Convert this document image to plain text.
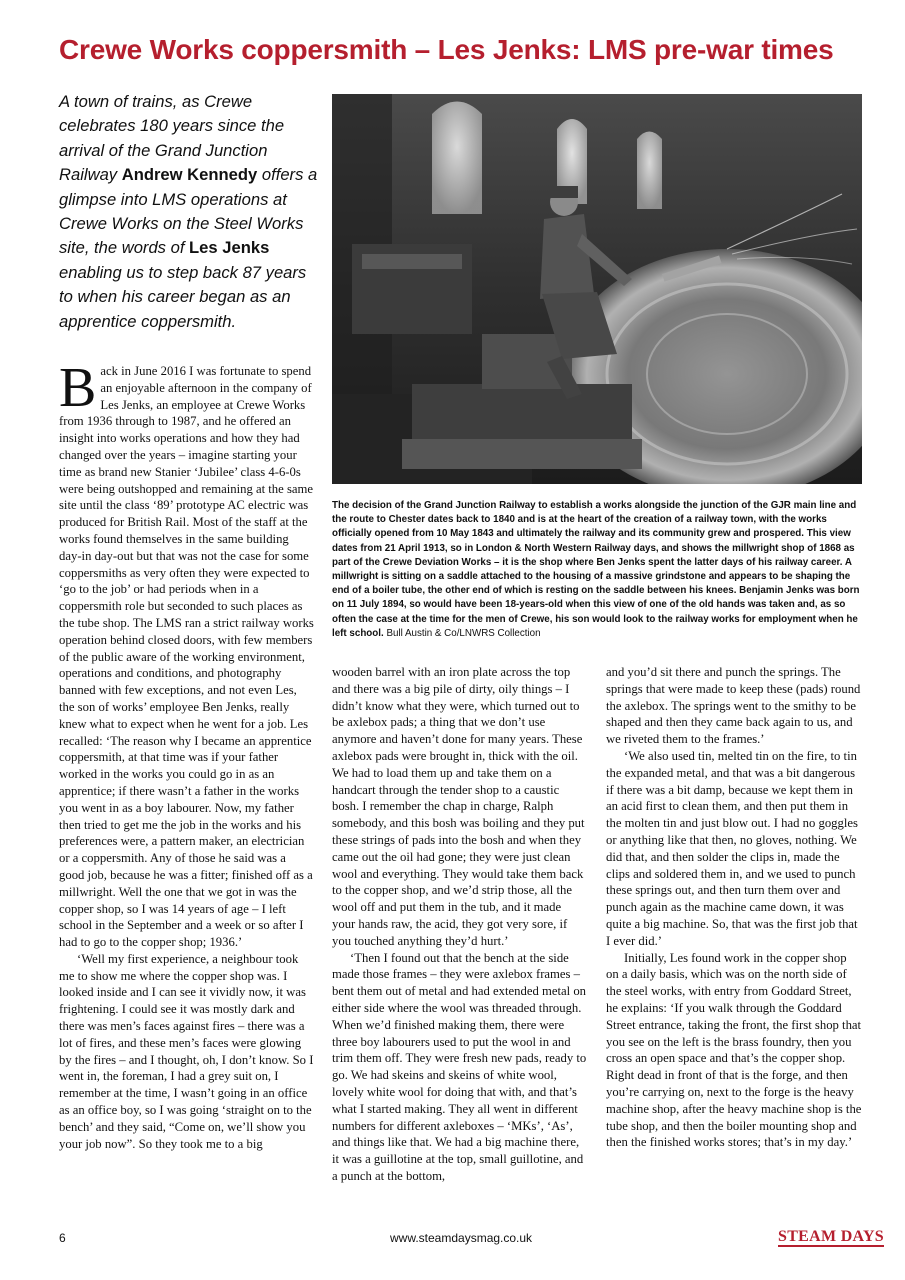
Crewe Works coppersmith – Les Jenks: LMS pre-war times

A town of trains, as Crewe celebrates 180 years since the arrival of the Grand Junction Railway Andrew Kennedy offers a glimpse into LMS operations at Crewe Works on the Steel Works site, the words of Les Jenks enabling us to step back 87 years to when his career began as an apprentice coppersmith.

The decision of the Grand Junction Railway to establish a works alongside the junction of the GJR main line and the route to Chester dates back to 1840 and is at the heart of the creation of a railway town, with the works officially opened from 10 May 1843 and ultimately the railway and its community grew and prospered. This view dates from 21 April 1913, so in London & North Western Railway days, and shows the millwright shop of 1868 as part of the Crewe Deviation Works – it is the shop where Ben Jenks spent the latter days of his railway career. A millwright is sitting on a saddle attached to the housing of a massive grindstone and appears to be shaping the end of a boiler tube, the other end of which is resting on the saddle between his knees. Benjamin Jenks was born on 11 July 1894, so would have been 18-years-old when this view of one of the old hands was taken and, as so often the case at the time for the men of Crewe, his son would look to the railway works for employment when he left school. Bull Austin & Co/LNWRS Collection

Back in June 2016 I was fortunate to spend an enjoyable afternoon in the company of Les Jenks, an employee at Crewe Works from 1936 through to 1987, and he offered an insight into works operations and how they had changed over the years – imagine starting your time as brand new Stanier ‘Jubilee’ class 4-6-0s were being outshopped and remaining at the same site until the class ‘89’ prototype AC electric was produced for British Rail. Most of the staff at the works found themselves in the same building day-in day-out but that was not the case for some coppersmiths as very often they were expected to ‘go to the job’ or had periods when in a coppersmith role but seconded to such places as the tube shop. The LMS ran a strict railway works operation behind closed doors, with few members of the public aware of the working environment, operations and conditions, and photography banned with few exceptions, and not even Les, the son of works’ employee Ben Jenks, really knew what to expect when he went for a job. Les recalled: ‘The reason why I became an apprentice coppersmith, at that time was if your father worked in the works you could go in as an apprentice; if there wasn’t a father in the works you went in as a boy labourer. Now, my father then tried to get me the job in the works and his preferences were, a pattern maker, an electrician or a coppersmith. Any of those he said was a good job, because he was a fitter; finished off as a millwright. Well the one that we got in was the copper shop, so I was 14 years of age – I left school in the September and a week or so after I had to go to the copper shop; 1936.’

‘Well my first experience, a neighbour took me to show me where the copper shop was. I looked inside and I can see it vividly now, it was frightening. I could see it was mostly dark and there was men’s faces against fires – there was a lot of fires, and these men’s faces were glowing by the fires – and I thought, oh, I don’t know. So I went in, the foreman, I had a grey suit on, I remember at the time, I wasn’t going in an office as an office boy, so I was going ‘straight on to the bench’ and they said, “Come on, we’ll show you your job now”. So they took me to a big

wooden barrel with an iron plate across the top and there was a big pile of dirty, oily things – I didn’t know what they were, which turned out to be axlebox pads; a thing that we don’t use anymore and haven’t done for many years. These axlebox pads were brought in, thick with the oil. We had to load them up and take them on a handcart through the tender shop to a caustic bosh. I remember the chap in charge, Ralph somebody, and this bosh was boiling and they put these strings of pads into the bosh and when they came out the oil had gone; they were just clean wool and everything. They would take them back to the copper shop, and we’d strip those, all the wool off and put them in the tub, and it made your hands raw, the acid, they got very sore, if you touched anything they’d hurt.’

‘Then I found out that the bench at the side made those frames – they were axlebox frames – bent them out of metal and had extended metal on either side where the wool was threaded through. When we’d finished making them, there were three boy labourers used to put the wool in and trim them off. They were fresh new pads, ready to go. We had skeins and skeins of white wool, lovely white wool for doing that with, and that’s what I started making. They all went in different numbers for different axleboxes – ‘MKs’, ‘As’, and things like that. We had a big machine there, it was a guillotine at the top, small guillotine, and a punch at the bottom,

and you’d sit there and punch the springs. The springs that were made to keep these (pads) round the axlebox. The springs went to the smithy to be shaped and then they came back again to us, and we riveted them to the frames.’

‘We also used tin, melted tin on the fire, to tin the expanded metal, and that was a bit dangerous if there was a bit damp, because we kept them in an acid first to clean them, and then put them in the molten tin and just blow out. I had no goggles or anything like that then, no gloves, nothing. We did that, and then solder the clips in, made the clips and soldered them in, and we used to punch these springs out, and then turn them over and punch again as the machine came down, it was quite a big machine. So, that was the first job that I ever did.’

Initially, Les found work in the copper shop on a daily basis, which was on the north side of the steel works, with entry from Goddard Street, he explains: ‘If you walk through the Goddard Street entrance, taking the front, the first shop that you see on the left is the brass foundry, then you cross an open space and that’s the copper shop. Right dead in front of that is the forge, and then you’re carrying on, next to the forge is the heavy machine shop, after the heavy machine shop is the tube shop, and then the boiler mounting shop and then the finished works stores; that’s in my day.’

6	www.steamdaysmag.co.uk	STEAM DAYS
